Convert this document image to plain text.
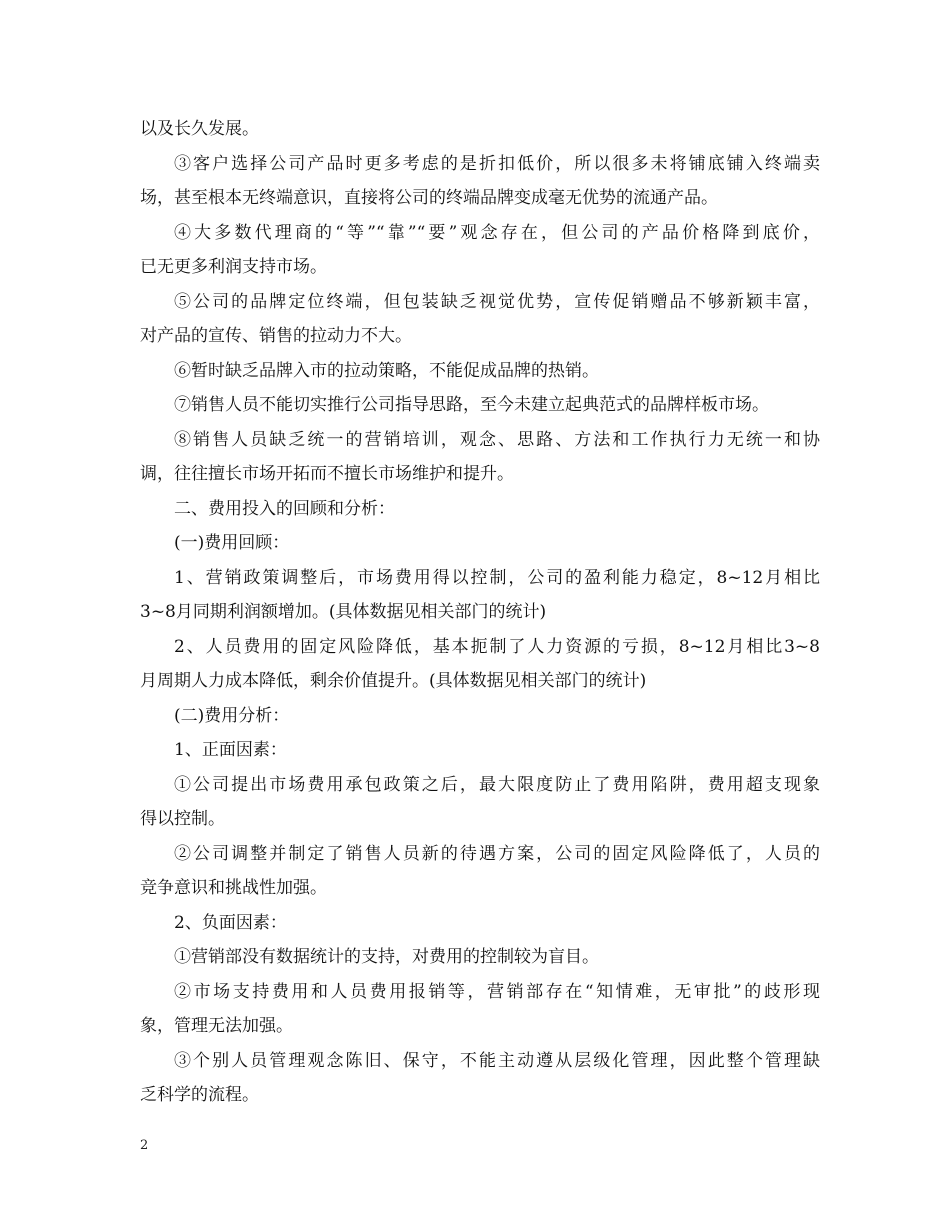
以及长久发展。
③客户选择公司产品时更多考虑的是折扣低价，所以很多未将铺底铺入终端卖
场，甚至根本无终端意识，直接将公司的终端品牌变成毫无优势的流通产品。
④大多数代理商的“等”“靠”“要”观念存在，但公司的产品价格降到底价，
已无更多利润支持市场。
⑤公司的品牌定位终端，但包装缺乏视觉优势，宣传促销赠品不够新颖丰富，
对产品的宣传、销售的拉动力不大。
⑥暂时缺乏品牌入市的拉动策略，不能促成品牌的热销。
⑦销售人员不能切实推行公司指导思路，至今未建立起典范式的品牌样板市场。
⑧销售人员缺乏统一的营销培训，观念、思路、方法和工作执行力无统一和协
调，往往擅长市场开拓而不擅长市场维护和提升。
二、费用投入的回顾和分析：
(一)费用回顾：
1、营销政策调整后，市场费用得以控制，公司的盈利能力稳定，8~12月相比
3~8月同期利润额增加。(具体数据见相关部门的统计)
2、人员费用的固定风险降低，基本扼制了人力资源的亏损，8~12月相比3~8
月周期人力成本降低，剩余价值提升。(具体数据见相关部门的统计)
(二)费用分析：
1、正面因素：
①公司提出市场费用承包政策之后，最大限度防止了费用陷阱，费用超支现象
得以控制。
②公司调整并制定了销售人员新的待遇方案，公司的固定风险降低了，人员的
竞争意识和挑战性加强。
2、负面因素：
①营销部没有数据统计的支持，对费用的控制较为盲目。
②市场支持费用和人员费用报销等，营销部存在“知情难，无审批”的歧形现
象，管理无法加强。
③个别人员管理观念陈旧、保守，不能主动遵从层级化管理，因此整个管理缺
乏科学的流程。
2
